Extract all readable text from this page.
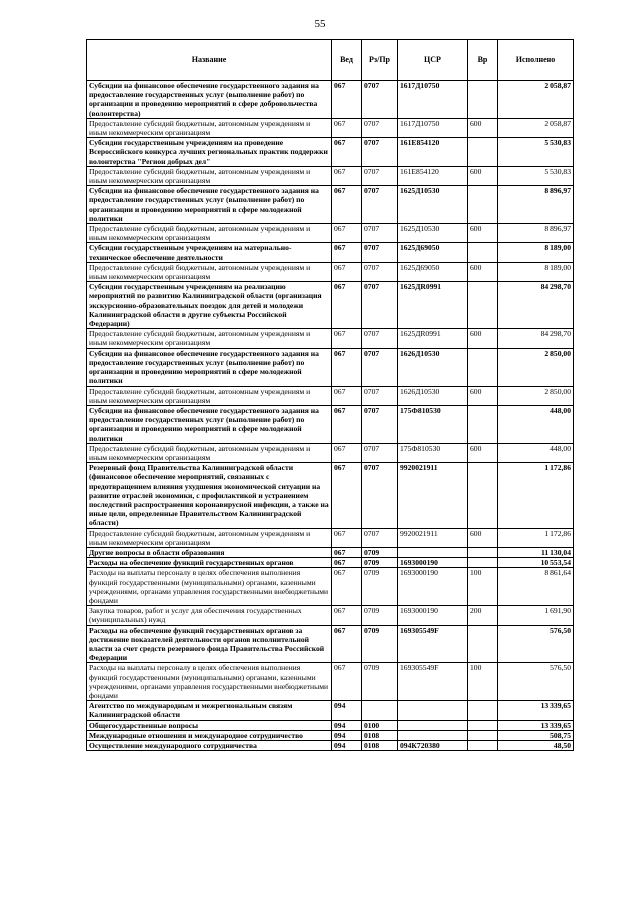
55
Название	Вед	Рз/Пр	ЦСР	Вр	Исполнено
Субсидии на финансовое обеспечение государственного задания на предоставление государственных услуг (выполнение работ) по организации и проведению мероприятий в сфере добровольчества (волонтерства)	067	0707	1617Д10750		2 058,87
Предоставление субсидий бюджетным, автономным учреждениям и иным некоммерческим организациям	067	0707	1617Д10750	600	2 058,87
Субсидии государственным учреждениям на проведение Всероссийского конкурса лучших региональных практик поддержки волонтерства "Регион добрых дел"	067	0707	161E854120		5 530,83
Предоставление субсидий бюджетным, автономным учреждениям и иным некоммерческим организациям	067	0707	161E854120	600	5 530,83
Субсидии на финансовое обеспечение государственного задания на предоставление государственных услуг (выполнение работ) по организации и проведению мероприятий в сфере молодежной политики	067	0707	1625Д10530		8 896,97
Предоставление субсидий бюджетным, автономным учреждениям и иным некоммерческим организациям	067	0707	1625Д10530	600	8 896,97
Субсидии государственным учреждениям на материально-техническое обеспечение деятельности	067	0707	1625Д69050		8 189,00
Предоставление субсидий бюджетным, автономным учреждениям и иным некоммерческим организациям	067	0707	1625Д69050	600	8 189,00
Субсидии государственным учреждениям на реализацию мероприятий по развитию Калининградской области (организация экскурсионно-образовательных поездок для детей и молодежи Калининградской области в другие субъекты Российской Федерации)	067	0707	1625ДR0991		84 298,70
Предоставление субсидий бюджетным, автономным учреждениям и иным некоммерческим организациям	067	0707	1625ДR0991	600	84 298,70
Субсидии на финансовое обеспечение государственного задания на предоставление государственных услуг (выполнение работ) по организации и проведению мероприятий в сфере молодежной политики	067	0707	1626Д10530		2 850,00
Предоставление субсидий бюджетным, автономным учреждениям и иным некоммерческим организациям	067	0707	1626Д10530	600	2 850,00
Субсидии на финансовое обеспечение государственного задания на предоставление государственных услуг (выполнение работ) по организации и проведению мероприятий в сфере молодежной политики	067	0707	175Ф810530		448,00
Предоставление субсидий бюджетным, автономным учреждениям и иным некоммерческим организациям	067	0707	175Ф810530	600	448,00
Резервный фонд Правительства Калининградской области (финансовое обеспечение мероприятий, связанных с предотвращением влияния ухудшения экономической ситуации на развитие отраслей экономики, с профилактикой и устранением последствий распространения коронавирусной инфекции, а также на иные цели, определенные Правительством Калининградской области)	067	0707	9920021911		1 172,86
Предоставление субсидий бюджетным, автономным учреждениям и иным некоммерческим организациям	067	0707	9920021911	600	1 172,86
Другие вопросы в области образования	067	0709			11 130,04
Расходы на обеспечение функций государственных органов	067	0709	1693000190		10 553,54
Расходы на выплаты персоналу в целях обеспечения выполнения функций государственными (муниципальными) органами, казенными учреждениями, органами управления государственными внебюджетными фондами	067	0709	1693000190	100	8 861,64
Закупка товаров, работ и услуг для обеспечения государственных (муниципальных) нужд	067	0709	1693000190	200	1 691,90
Расходы на обеспечение функций государственных органов за достижение показателей деятельности органов исполнительной власти за счет средств резервного фонда Правительства Российской Федерации	067	0709	169305549F		576,50
Расходы на выплаты персоналу в целях обеспечения выполнения функций государственными (муниципальными) органами, казенными учреждениями, органами управления государственными внебюджетными фондами	067	0709	169305549F	100	576,50
Агентство по международным и межрегиональным связям Калининградской области	094				13 339,65
Общегосударственные вопросы	094	0100			13 339,65
Международные отношения и международное сотрудничество	094	0108			508,75
Осуществление международного сотрудничества	094	0108	094К720380		48,50
